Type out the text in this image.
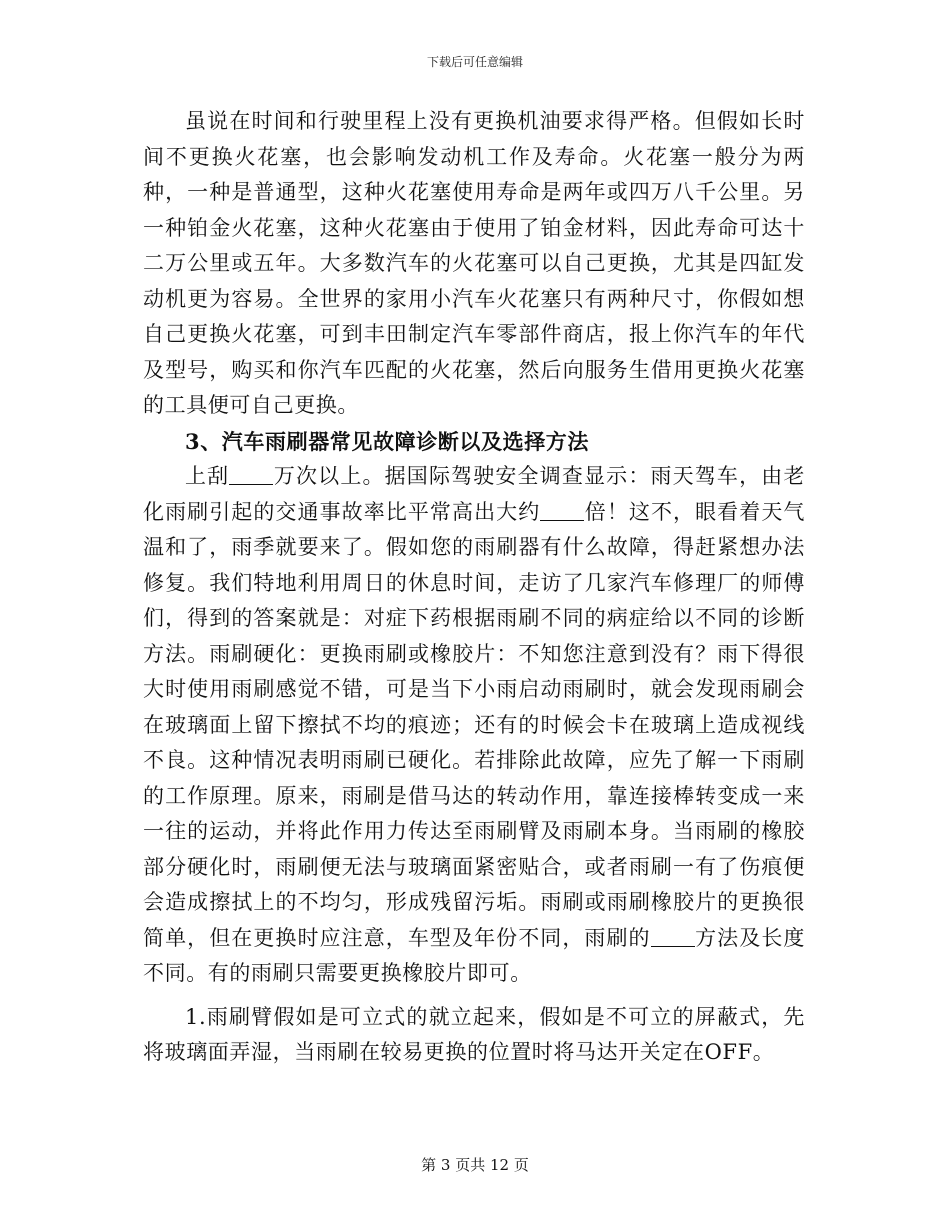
下载后可任意编辑

虽说在时间和行驶里程上没有更换机油要求得严格。但假如长时间不更换火花塞，也会影响发动机工作及寿命。火花塞一般分为两种，一种是普通型，这种火花塞使用寿命是两年或四万八千公里。另一种铂金火花塞，这种火花塞由于使用了铂金材料，因此寿命可达十二万公里或五年。大多数汽车的火花塞可以自己更换，尤其是四缸发动机更为容易。全世界的家用小汽车火花塞只有两种尺寸，你假如想自己更换火花塞，可到丰田制定汽车零部件商店，报上你汽车的年代及型号，购买和你汽车匹配的火花塞，然后向服务生借用更换火花塞的工具便可自己更换。

3、汽车雨刷器常见故障诊断以及选择方法

上刮 万次以上。据国际驾驶安全调查显示：雨天驾车，由老化雨刷引起的交通事故率比平常高出大约 倍！这不，眼看着天气温和了，雨季就要来了。假如您的雨刷器有什么故障，得赶紧想办法修复。我们特地利用周日的休息时间，走访了几家汽车修理厂的师傅们，得到的答案就是：对症下药根据雨刷不同的病症给以不同的诊断方法。雨刷硬化：更换雨刷或橡胶片：不知您注意到没有？雨下得很大时使用雨刷感觉不错，可是当下小雨启动雨刷时，就会发现雨刷会在玻璃面上留下擦拭不均的痕迹；还有的时候会卡在玻璃上造成视线不良。这种情况表明雨刷已硬化。若排除此故障，应先了解一下雨刷的工作原理。原来，雨刷是借马达的转动作用，靠连接棒转变成一来一往的运动，并将此作用力传达至雨刷臂及雨刷本身。当雨刷的橡胶部分硬化时，雨刷便无法与玻璃面紧密贴合，或者雨刷一有了伤痕便会造成擦拭上的不均匀，形成残留污垢。雨刷或雨刷橡胶片的更换很简单，但在更换时应注意，车型及年份不同，雨刷的 方法及长度不同。有的雨刷只需要更换橡胶片即可。

1.雨刷臂假如是可立式的就立起来，假如是不可立的屏蔽式，先将玻璃面弄湿，当雨刷在较易更换的位置时将马达开关定在OFF。

第 3 页共 12 页
